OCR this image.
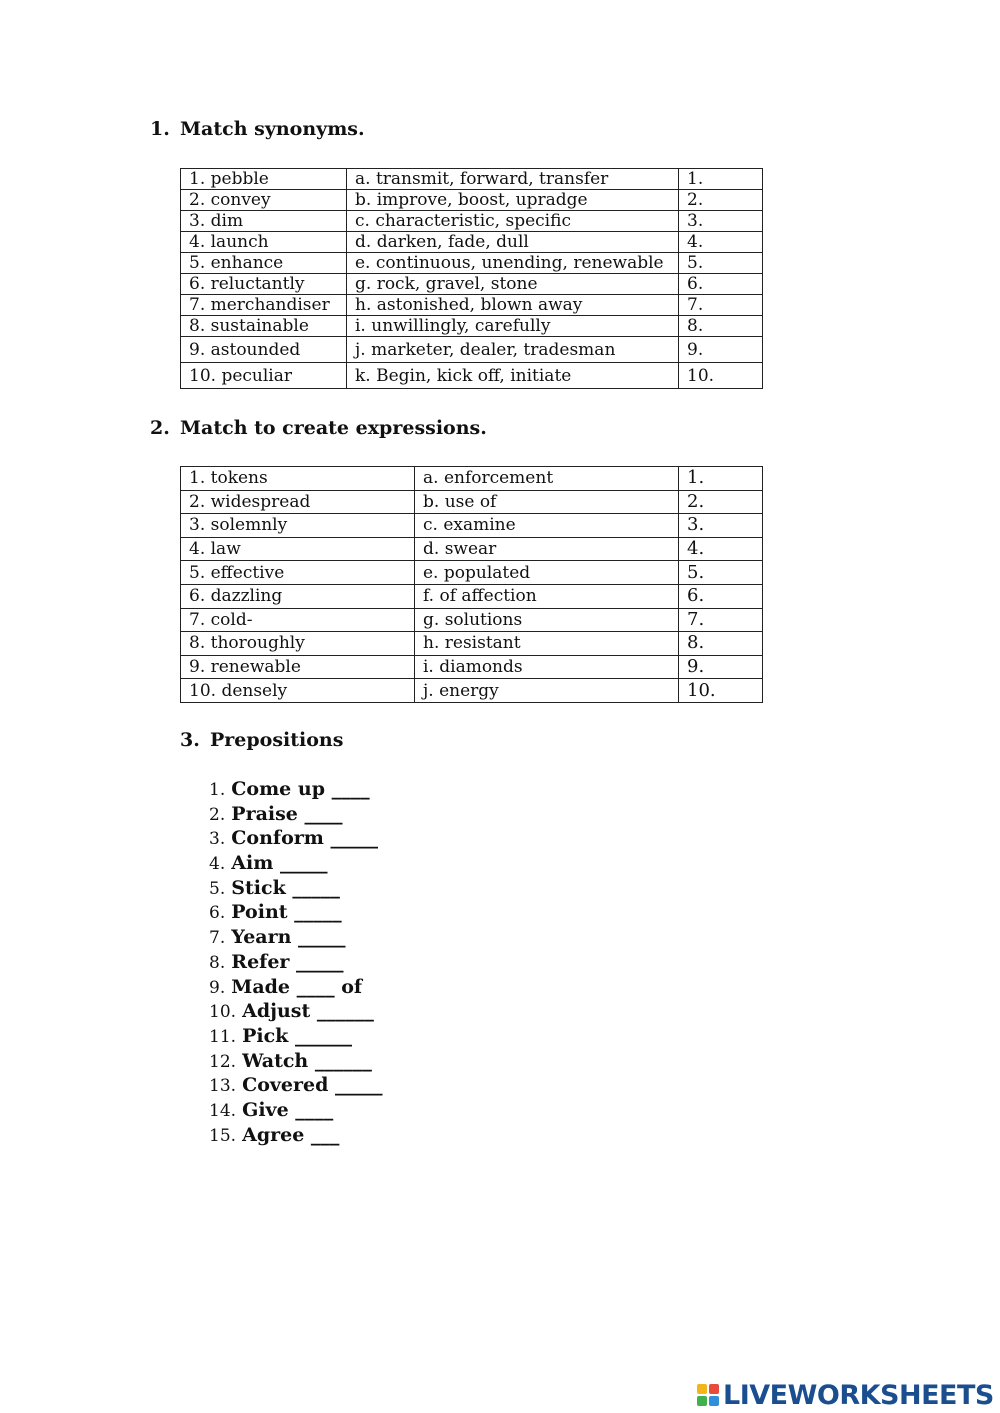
1. Match synonyms.
1. pebble	a. transmit, forward, transfer	1.
2. convey	b. improve, boost, upradge	2.
3. dim	c. characteristic, specific	3.
4. launch	d. darken, fade, dull	4.
5. enhance	e. continuous, unending, renewable	5.
6. reluctantly	g. rock, gravel, stone	6.
7. merchandiser	h. astonished, blown away	7.
8. sustainable	i. unwillingly, carefully	8.
9. astounded	j. marketer, dealer, tradesman	9.
10. peculiar	k. Begin, kick off, initiate	10.
2. Match to create expressions.
1. tokens	a. enforcement	1.
2. widespread	b. use of	2.
3. solemnly	c. examine	3.
4. law	d. swear	4.
5. effective	e. populated	5.
6. dazzling	f. of affection	6.
7. cold-	g. solutions	7.
8. thoroughly	h. resistant	8.
9. renewable	i. diamonds	9.
10. densely	j. energy	10.
3. Prepositions
1. Come up ____
2. Praise ____
3. Conform _____
4. Aim _____
5. Stick _____
6. Point _____
7. Yearn _____
8. Refer _____
9. Made ____ of
10. Adjust ______
11. Pick ______
12. Watch ______
13. Covered _____
14. Give ____
15. Agree ___
LIVEWORKSHEETS
